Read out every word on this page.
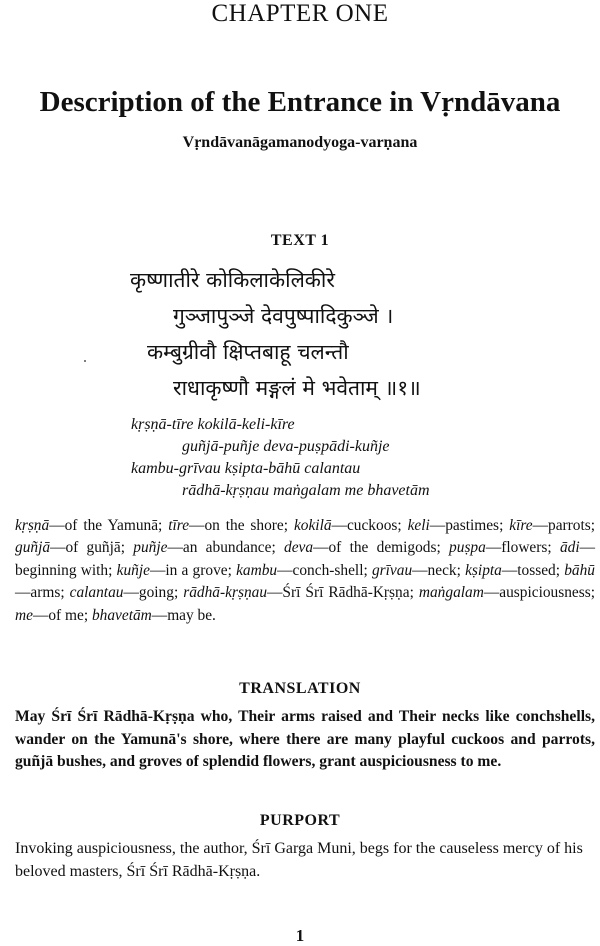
CHAPTER ONE
Description of the Entrance in Vṛndāvana
Vṛndāvanāgamanodyoga-varṇana
TEXT 1
कृष्णातीरे कोकिलाकेलिकीरे
गुञ्जापुञ्जे देवपुष्पादिकुञ्जे ।
कम्बुग्रीवौ क्षिप्तबाहू चलन्तौ
राधाकृष्णौ मङ्गलं मे भवेताम् ॥१॥
kṛṣṇā-tīre kokilā-keli-kīre
guñjā-puñje deva-puṣpādi-kuñje
kambu-grīvau kṣipta-bāhū calantau
rādhā-kṛṣṇau maṅgalam me bhavetām
kṛṣṇā—of the Yamunā; tīre—on the shore; kokilā—cuckoos; keli—pastimes; kīre—parrots; guñjā—of guñjā; puñje—an abundance; deva—of the demigods; puṣpa—flowers; ādi—beginning with; kuñje—in a grove; kambu—conch-shell; grīvau—neck; kṣipta—tossed; bāhū—arms; calantau—going; rādhā-kṛṣṇau—Śrī Śrī Rādhā-Kṛṣṇa; maṅgalam—auspiciousness; me—of me; bhavetām—may be.
TRANSLATION
May Śrī Śrī Rādhā-Kṛṣṇa who, Their arms raised and Their necks like conchshells, wander on the Yamunā's shore, where there are many playful cuckoos and parrots, guñjā bushes, and groves of splendid flowers, grant auspiciousness to me.
PURPORT
Invoking auspiciousness, the author, Śrī Garga Muni, begs for the causeless mercy of his beloved masters, Śrī Śrī Rādhā-Kṛṣṇa.
1
